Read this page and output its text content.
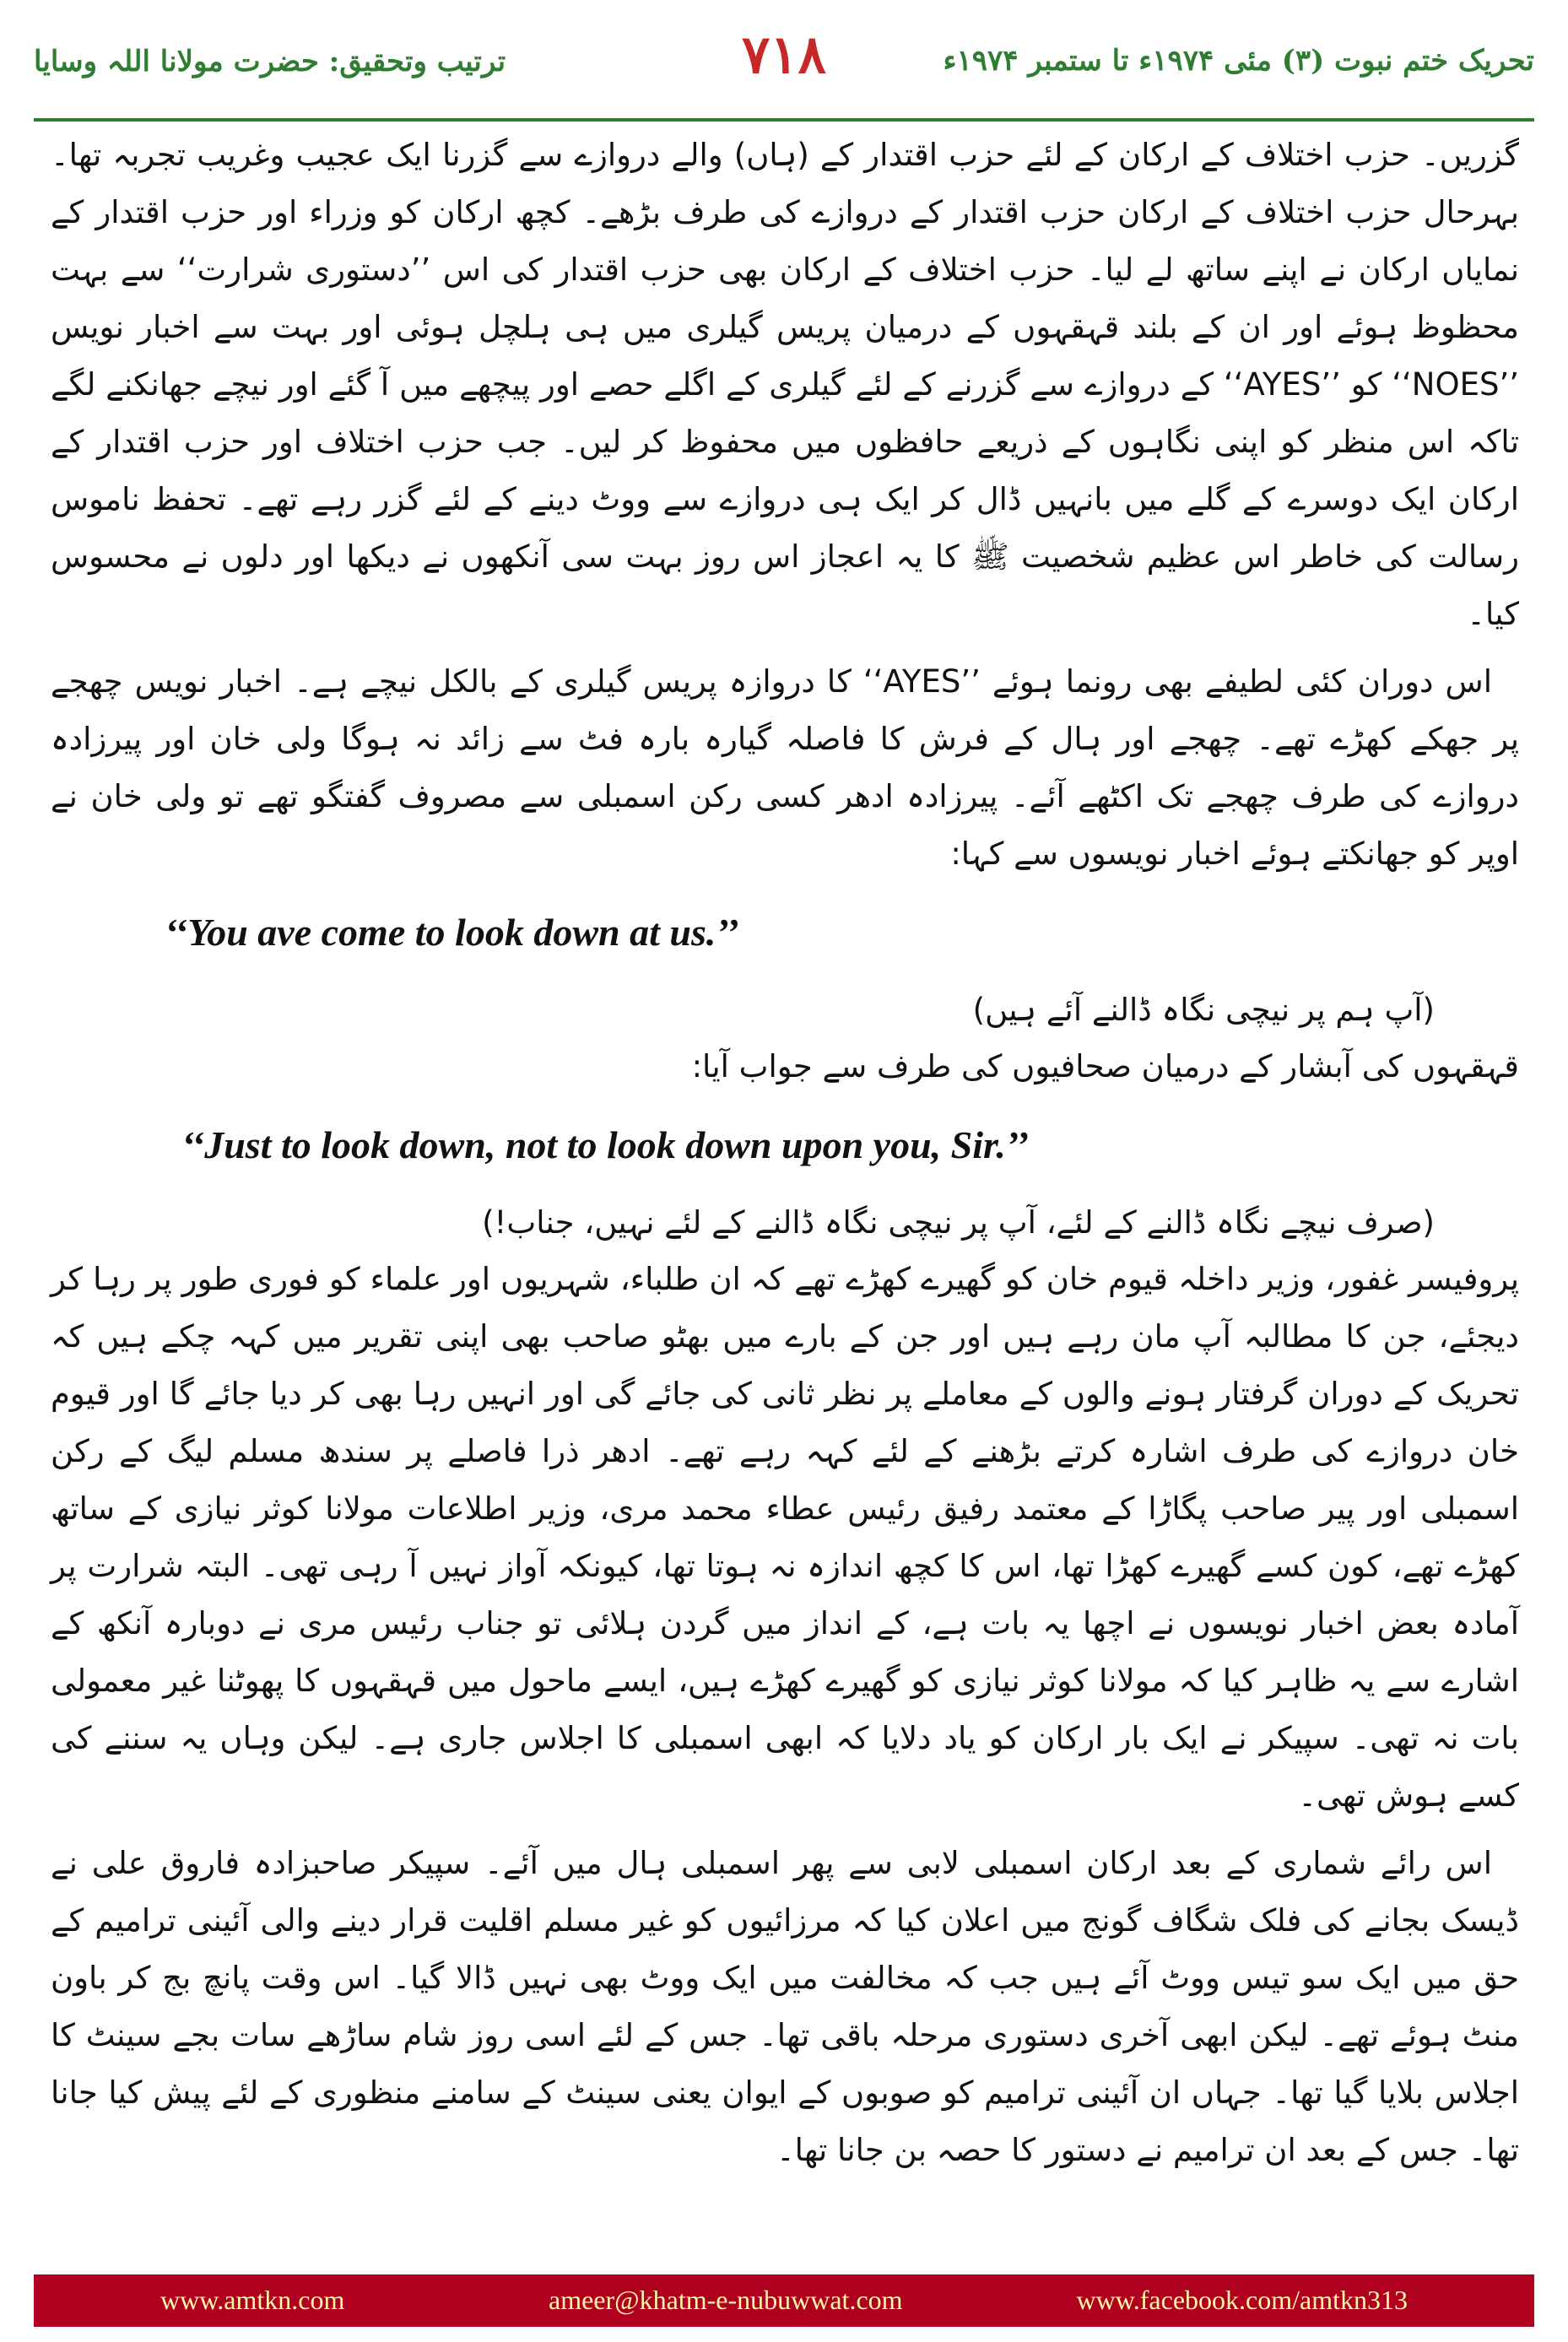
ترتیب وتحقیق: حضرت مولانا اللہ وسایا	۷۱۸	تحریک ختم نبوت (۳) مئی ۱۹۷۴ء تا ستمبر ۱۹۷۴ء

گزریں۔ حزب اختلاف کے ارکان کے لئے حزب اقتدار کے (ہاں) والے دروازے سے گزرنا ایک عجیب وغریب تجربہ تھا۔ بہرحال حزب اختلاف کے ارکان حزب اقتدار کے دروازے کی طرف بڑھے۔ کچھ ارکان کو وزراء اور حزب اقتدار کے نمایاں ارکان نے اپنے ساتھ لے لیا۔ حزب اختلاف کے ارکان بھی حزب اقتدار کی اس ’’دستوری شرارت‘‘ سے بہت محظوظ ہوئے اور ان کے بلند قہقہوں کے درمیان پریس گیلری میں ہی ہلچل ہوئی اور بہت سے اخبار نویس ’’NOES‘‘ کو ’’AYES‘‘ کے دروازے سے گزرنے کے لئے گیلری کے اگلے حصے اور پیچھے میں آ گئے اور نیچے جھانکنے لگے تاکہ اس منظر کو اپنی نگاہوں کے ذریعے حافظوں میں محفوظ کر لیں۔ جب حزب اختلاف اور حزب اقتدار کے ارکان ایک دوسرے کے گلے میں بانہیں ڈال کر ایک ہی دروازے سے ووٹ دینے کے لئے گزر رہے تھے۔ تحفظ ناموس رسالت کی خاطر اس عظیم شخصیت ﷺ کا یہ اعجاز اس روز بہت سی آنکھوں نے دیکھا اور دلوں نے محسوس کیا۔

اس دوران کئی لطیفے بھی رونما ہوئے ’’AYES‘‘ کا دروازہ پریس گیلری کے بالکل نیچے ہے۔ اخبار نویس چھجے پر جھکے کھڑے تھے۔ چھجے اور ہال کے فرش کا فاصلہ گیارہ بارہ فٹ سے زائد نہ ہوگا ولی خان اور پیرزادہ دروازے کی طرف چھجے تک اکٹھے آئے۔ پیرزادہ ادھر کسی رکن اسمبلی سے مصروف گفتگو تھے تو ولی خان نے اوپر کو جھانکتے ہوئے اخبار نویسوں سے کہا:

‘‘You ave come to look down at us.’’

(آپ ہم پر نیچی نگاہ ڈالنے آئے ہیں)

قہقہوں کی آبشار کے درمیان صحافیوں کی طرف سے جواب آیا:

‘‘Just to look down, not to look down upon you, Sir.’’

(صرف نیچے نگاہ ڈالنے کے لئے، آپ پر نیچی نگاہ ڈالنے کے لئے نہیں، جناب!)

پروفیسر غفور، وزیر داخلہ قیوم خان کو گھیرے کھڑے تھے کہ ان طلباء، شہریوں اور علماء کو فوری طور پر رہا کر دیجئے، جن کا مطالبہ آپ مان رہے ہیں اور جن کے بارے میں بھٹو صاحب بھی اپنی تقریر میں کہہ چکے ہیں کہ تحریک کے دوران گرفتار ہونے والوں کے معاملے پر نظر ثانی کی جائے گی اور انہیں رہا بھی کر دیا جائے گا اور قیوم خان دروازے کی طرف اشارہ کرتے بڑھنے کے لئے کہہ رہے تھے۔ ادھر ذرا فاصلے پر سندھ مسلم لیگ کے رکن اسمبلی اور پیر صاحب پگاڑا کے معتمد رفیق رئیس عطاء محمد مری، وزیر اطلاعات مولانا کوثر نیازی کے ساتھ کھڑے تھے، کون کسے گھیرے کھڑا تھا، اس کا کچھ اندازہ نہ ہوتا تھا، کیونکہ آواز نہیں آ رہی تھی۔ البتہ شرارت پر آمادہ بعض اخبار نویسوں نے اچھا یہ بات ہے، کے انداز میں گردن ہلائی تو جناب رئیس مری نے دوبارہ آنکھ کے اشارے سے یہ ظاہر کیا کہ مولانا کوثر نیازی کو گھیرے کھڑے ہیں، ایسے ماحول میں قہقہوں کا پھوٹنا غیر معمولی بات نہ تھی۔ سپیکر نے ایک بار ارکان کو یاد دلایا کہ ابھی اسمبلی کا اجلاس جاری ہے۔ لیکن وہاں یہ سننے کی کسے ہوش تھی۔

اس رائے شماری کے بعد ارکان اسمبلی لابی سے پھر اسمبلی ہال میں آئے۔ سپیکر صاحبزادہ فاروق علی نے ڈیسک بجانے کی فلک شگاف گونج میں اعلان کیا کہ مرزائیوں کو غیر مسلم اقلیت قرار دینے والی آئینی ترامیم کے حق میں ایک سو تیس ووٹ آئے ہیں جب کہ مخالفت میں ایک ووٹ بھی نہیں ڈالا گیا۔ اس وقت پانچ بج کر باون منٹ ہوئے تھے۔ لیکن ابھی آخری دستوری مرحلہ باقی تھا۔ جس کے لئے اسی روز شام ساڑھے سات بجے سینٹ کا اجلاس بلایا گیا تھا۔ جہاں ان آئینی ترامیم کو صوبوں کے ایوان یعنی سینٹ کے سامنے منظوری کے لئے پیش کیا جانا تھا۔ جس کے بعد ان ترامیم نے دستور کا حصہ بن جانا تھا۔

www.amtkn.com	ameer@khatm-e-nubuwwat.com	www.facebook.com/amtkn313
